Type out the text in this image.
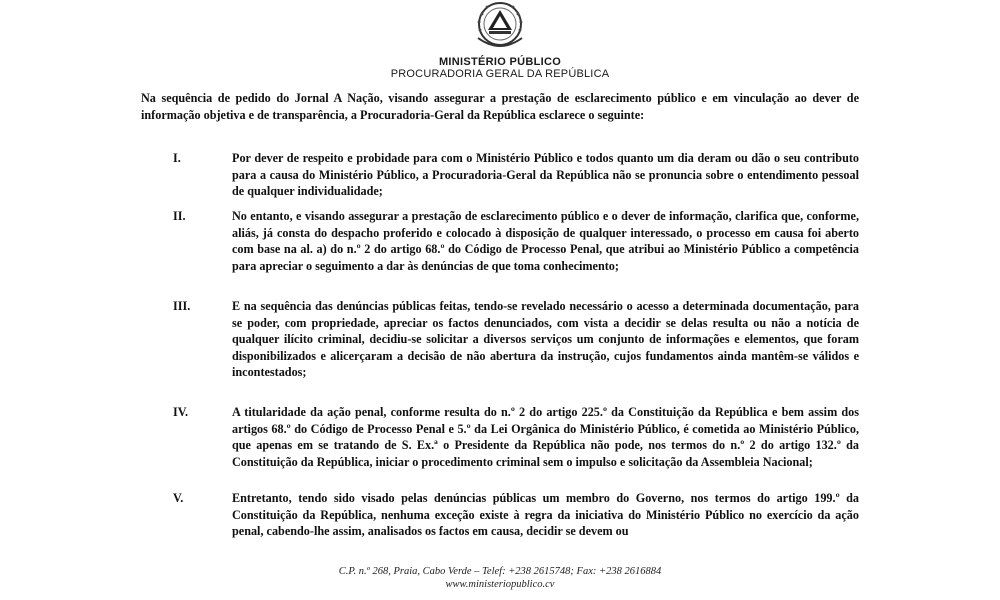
MINISTÉRIO PÚBLICO
PROCURADORIA GERAL DA REPÚBLICA
Na sequência de pedido do Jornal A Nação, visando assegurar a prestação de esclarecimento público e em vinculação ao dever de informação objetiva e de transparência, a Procuradoria-Geral da República esclarece o seguinte:
I.	Por dever de respeito e probidade para com o Ministério Público e todos quanto um dia deram ou dão o seu contributo para a causa do Ministério Público, a Procuradoria-Geral da República não se pronuncia sobre o entendimento pessoal de qualquer individualidade;
II.	No entanto, e visando assegurar a prestação de esclarecimento público e o dever de informação, clarifica que, conforme, aliás, já consta do despacho proferido e colocado à disposição de qualquer interessado, o processo em causa foi aberto com base na al. a) do n.º 2 do artigo 68.º do Código de Processo Penal, que atribui ao Ministério Público a competência para apreciar o seguimento a dar às denúncias de que toma conhecimento;
III.	E na sequência das denúncias públicas feitas, tendo-se revelado necessário o acesso a determinada documentação, para se poder, com propriedade, apreciar os factos denunciados, com vista a decidir se delas resulta ou não a notícia de qualquer ilícito criminal, decidiu-se solicitar a diversos serviços um conjunto de informações e elementos, que foram disponibilizados e alicerçaram a decisão de não abertura da instrução, cujos fundamentos ainda mantêm-se válidos e incontestados;
IV.	A titularidade da ação penal, conforme resulta do n.º 2 do artigo 225.º da Constituição da República e bem assim dos artigos 68.º do Código de Processo Penal e 5.º da Lei Orgânica do Ministério Público, é cometida ao Ministério Público, que apenas em se tratando de S. Ex.ª o Presidente da República não pode, nos termos do n.º 2 do artigo 132.º da Constituição da República, iniciar o procedimento criminal sem o impulso e solicitação da Assembleia Nacional;
V.	Entretanto, tendo sido visado pelas denúncias públicas um membro do Governo, nos termos do artigo 199.º da Constituição da República, nenhuma exceção existe à regra da iniciativa do Ministério Público no exercício da ação penal, cabendo-lhe assim, analisados os factos em causa, decidir se devem ou
C.P. n.º 268, Praia, Cabo Verde – Telef: +238 2615748; Fax: +238 2616884
www.ministeriopublico.cv
